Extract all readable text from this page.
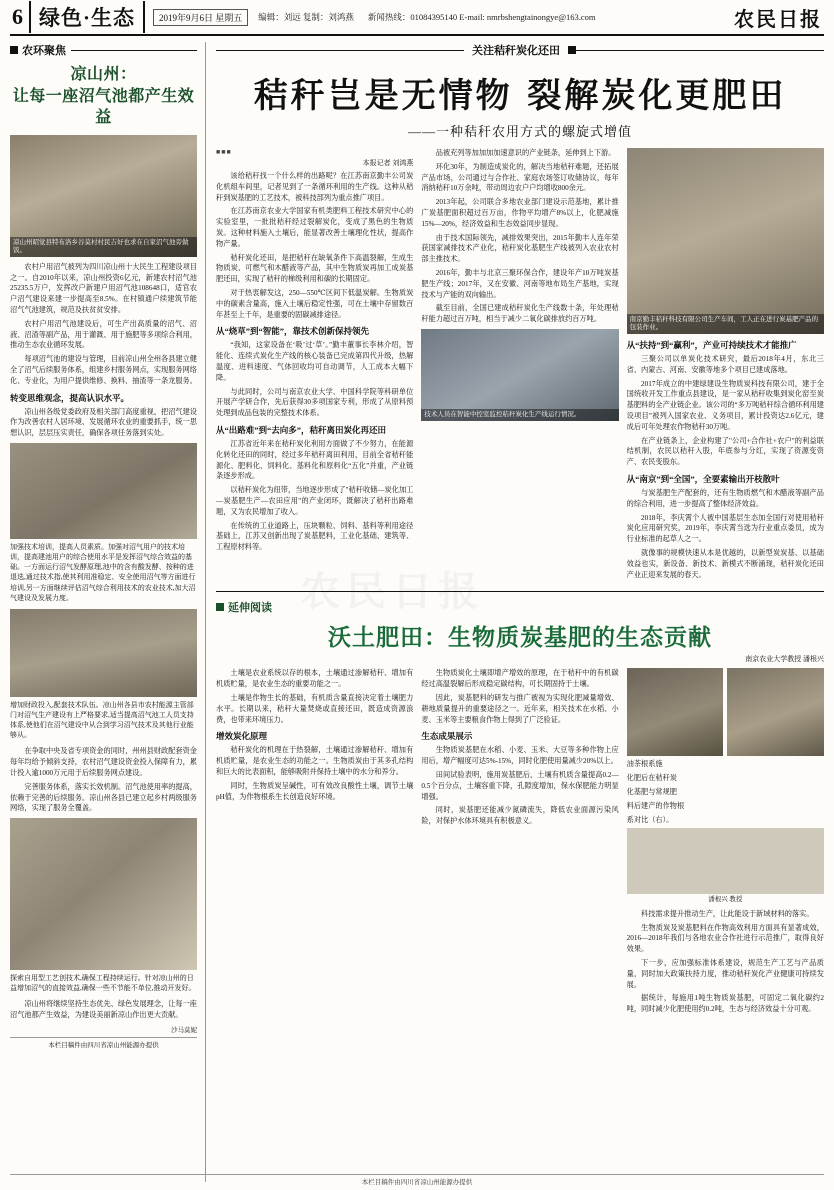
6 绿色·生态	2019年9月6日 星期五	编辑：刘远 复制：刘鸿燕 新闻热线：01084395140 E-mail: nmrbshengtainongye@163.com	农民日报
农环聚焦
凉山州：
让每一座沼气池都产生效益
凉山州昭觉县特布洛乡谷莫村村民吉好也求在自家沼气池旁做饭。

农村户用沼气被列为四川凉山州十大民生工程建设项目之一。自2010年以来，凉山州投资6亿元，新建农村沼气池25235.5万户，发挥改户新建户用沼气池108648口，适官农户沼气建设来建一步提高至8.5%。在村镇通户续建筑节能沼气气池建筑，规范及扶贫贫安排。

农村户用沼气池建设后，可生产出高质量的沼气、沼液、沼渣等副产品，用于灌溉、用于施肥等多项综合利用，推动生态农业循环发展。

每项沼气池的建设与管理，目前凉山州全州各县建立健全了沼气后续服务体系，组建乡村服务网点，实现服务网络化、专业化，为用户提供维修、换料、抽渣等一条龙服务。

转变思维观念，提高认识水平。

凉山州各级党委政府及相关部门高度重视，把沼气建设作为改善农村人居环境、发展循环农业的重要抓手，统一思想认识，层层压实责任，确保各项任务落到实处。

加强技术培训，提高人员素质。加强对沼气用户的技术培训，提高建池用户的综合使用水平是发挥沼气综合效益的基础。一方面运行沼气发酵原理,池中的含有酸发酵、按种的进退选,通过技术指,使其利用准稳定、安全使用沼气等方面进行培训,另一方面继续评估沼气综合利用技术的农业技术,加大沼气建设及发展力度。
增加财政投入,配套技术队伍。凉山州各县市农村能源主管部门对沼气生产建设有上严格要求,适当提高沼气池工人员支持体系,使他们在沼气建设中从合到学习沼气技术及其他行业能够从。

在争取中央及省专项资金的同时，州州县财政配套资金每年均给予倾斜支持，农村沼气建设资金投入保障有力，累计投入逾1000万元用于后续服务网点建设。

完善服务体系，落实长效机制。沼气池使用率的提高，依赖于完善的后续服务。凉山州各县已建立起乡村两级服务网络，实现了服务全覆盖。

探索自用型工艺创技术,确保工程持续运行。针对凉山州的日益增加沼气的直接效益,确保一些不节能不单位,推动开发好。

凉山州将继续坚持生态优先、绿色发展理念，让每一座沼气池都产生效益，为建设美丽新凉山作出更大贡献。

沙马莫妮
本栏目稿件由四川省凉山州能源办提供
关注秸秆炭化还田
秸秆岂是无情物 裂解炭化更肥田
——一种秸秆农用方式的螺旋式增值
■■■
本报记者 刘鸿燕

该给秸秆找一个什么样的出路呢？在江苏南京勤丰公司炭化机组车间里，记者见到了一条循环利用的生产线。这种从秸秆到炭基肥的工艺技术，被科技部列为重点推广项目。

在江苏南京农业大学国家有机类肥料工程技术研究中心的实验室里，一批批秸秆经过裂解炭化，变成了黑色的生物质炭。这种材料施入土壤后，能显著改善土壤理化性状，提高作物产量。

秸秆炭化还田，是把秸秆在缺氧条件下高温裂解，生成生物质炭、可燃气和木醋液等产品，其中生物质炭再加工成炭基肥还田，实现了秸秆的梯级利用和碳的长期固定。

对于热衷解发这，250—550℃区间下低温炭解。生物质炭中的碳素含量高，施入土壤后稳定性强，可在土壤中存留数百年甚至上千年，是重要的固碳减排途径。

从“烧草”到“智能”，靠技术创新保持领先

“我知，这家设备在‘吸’过‘草’。”勤丰董事长李林介绍，智能化、连续式炭化生产线的核心装备已完成第四代升级，热解温度、进料速度、气体回收均可自动调节，人工成本大幅下降。

与此同时，公司与南京农业大学、中国科学院等科研单位开展产学研合作，先后获得30多项国家专利，形成了从原料预处理到成品包装的完整技术体系。

从“出路难”到“去向多”，秸秆离田炭化再还田

江苏省近年来在秸秆炭化利用方面做了不少努力，在能源化转化还田的同时，经过多年秸秆离田利用，目前全省秸秆能源化、肥料化、饲料化、基料化和原料化“五化”并重，产业链条逐步形成。

以秸秆炭化为纽带，当地逐步形成了"秸秆收储—炭化加工—炭基肥生产—农田应用"的产业闭环，既解决了秸秆出路难题，又为农民增加了收入。

在传统的工业道路上，压块颗粒、饲料、基料等利用途径基础上，江苏又创新出现了炭基肥料，工业化基础、建筑等、工程原材料等。

品被充列等加加加加速意识的产业链条，延伸到上下游。

环化30年，为制造成炭化的，解决当地秸秆难题，还拓展产品市场，公司通过与合作社、家庭农场签订收储协议，每年消纳秸秆10万余吨，带动周边农户户均增收800余元。

2013年起，公司联合多地农业部门建设示范基地，累计推广炭基肥面积超过百万亩，作物平均增产8%以上，化肥减施15%—20%，经济效益和生态效益同步显现。

由于技术国际领先，减排效果突出，2015年勤丰人连年荣获国家减排技术产业化，秸秆炭化基肥生产线被列入农业农村部主推技术。

2016年，勤丰与北京三聚环保合作，建设年产10万吨炭基肥生产线；2017年，又在安徽、河南等地布局生产基地，实现技术与产能的双向输出。

截至目前，全国已建成秸秆炭化生产线数十条，年处理秸秆能力超过百万吨，相当于减少二氧化碳排放约百万吨。

技术人员在智能中控室监控秸秆炭化生产线运行情况。
南京勤丰秸秆科技有限公司生产车间，工人正在进行炭基肥产品的包装作业。
从“扶持”到“赢利”，产业可持续技术才能推广

三聚公司以单炭化技术研究，最后2018年4月，东北三省、内蒙古、河南、安徽等地多个项目已建成落地。

2017年成立的中建绿建设生物质炭科技有限公司，建于全国统收开发工作重点县建设，是一家从秸秆收集到炭化窑至炭基肥料的全产业链企业。该公司的“多万吨秸秆综合循环利用建设项目”被列入国家农业、义务项目，累计投资达2.6亿元，建成后可年处理农作物秸秆30万吨。

在产业链条上，企业构建了"公司+合作社+农户"的利益联结机制，农民以秸秆入股，年底参与分红，实现了资源变资产、农民变股东。

从“南京”到“全国”，全要素输出开枝散叶

与炭基肥生产配套的，还有生物质燃气和木醋液等副产品的综合利用，进一步提高了整体经济效益。

2018年，李庆霄个人被中国基层生态加全国行对使用秸秆炭化应用研究奖，2019年，李庆霄当选为行业重点委员，成为行业标准的起草人之一。

就像事的规模快速从本是优越的，以新型炭炭基、以基础效益也实，新设备、新技术、新模式不断涌现，秸秆炭化还田产业正迎来发展的春天。

延伸阅读
沃土肥田：生物质炭基肥的生态贡献
南京农业大学教授 潘根兴

土壤是农业系统以存的根本，土壤通过渗解秸秆、增加有机质贮量，是农业生态的重要功能之一。

土壤是作物生长的基础，有机质含量直接决定着土壤肥力水平。长期以来，秸秆大量焚烧或直接还田，既造成资源浪费，也带来环境压力。

增效炭化原理

秸秆炭化的机理在于热裂解，土壤通过渗解秸秆、增加有机质贮量，是农业生态的功能之一。生物质炭由于其多孔结构和巨大的比表面积，能够吸附并保持土壤中的水分和养分。

同时，生物质炭呈碱性，可有效改良酸性土壤，调节土壤pH值，为作物根系生长创造良好环境。

生物质炭化土壤即增产增效的原理，在于秸秆中的有机碳经过高温裂解后形成稳定碳结构，可长期固持于土壤。

因此，炭基肥料的研发与推广被视为实现化肥减量增效、耕地质量提升的重要途径之一。近年来，相关技术在水稻、小麦、玉米等主要粮食作物上得到了广泛验证。

生态成果展示

生物质炭基肥在水稻、小麦、玉米、大豆等多种作物上应用后，增产幅度可达5%-15%，同时化肥使用量减少20%以上。

田间试验表明，施用炭基肥后，土壤有机质含量提高0.2—0.5个百分点，土壤容重下降，孔隙度增加，保水保肥能力明显增强。

同时，炭基肥还能减少氮磷流失，降低农业面源污染风险，对保护水体环境具有积极意义。

油茶根系施

化肥后在秸秆炭

化基肥与常规肥

料后建产的作物根

系对比（右）。

潘根兴 教授

科技需求提升推动生产，让此能设于新域材料的落实。

生物质炭及炭基肥料在作物高效利用方面具有显著成效，2016—2018年我们与各地农业合作社进行示范推广，取得良好效果。

下一步，应加强标准体系建设，规范生产工艺与产品质量，同时加大政策扶持力度，推动秸秆炭化产业健康可持续发展。

据统计，每施用1吨生物质炭基肥，可固定二氧化碳约2吨，同时减少化肥使用约0.2吨，生态与经济效益十分可观。

本栏目稿件由四川省凉山州能源办提供
